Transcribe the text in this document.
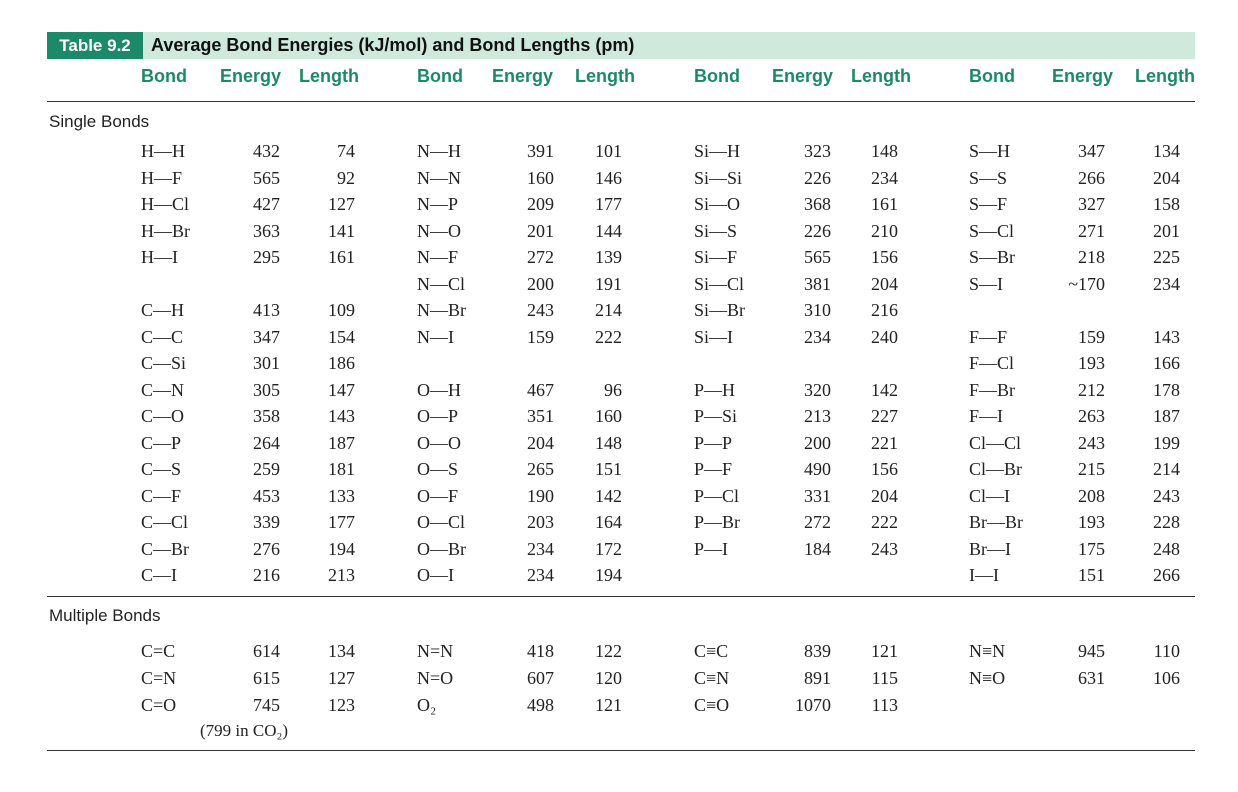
Table 9.2	Average Bond Energies (kJ/mol) and Bond Lengths (pm)
Bond Energy Length	Bond Energy Length	Bond Energy Length	Bond Energy Length
Single Bonds
H—H	432	74
H—F	565	92
H—Cl	427	127
H—Br	363	141
H—I	295	161
C—H	413	109
C—C	347	154
C—Si	301	186
C—N	305	147
C—O	358	143
C—P	264	187
C—S	259	181
C—F	453	133
C—Cl	339	177
C—Br	276	194
C—I	216	213
N—H	391	101
N—N	160	146
N—P	209	177
N—O	201	144
N—F	272	139
N—Cl	200	191
N—Br	243	214
N—I	159	222
O—H	467	96
O—P	351	160
O—O	204	148
O—S	265	151
O—F	190	142
O—Cl	203	164
O—Br	234	172
O—I	234	194
Si—H	323	148
Si—Si	226	234
Si—O	368	161
Si—S	226	210
Si—F	565	156
Si—Cl	381	204
Si—Br	310	216
Si—I	234	240
P—H	320	142
P—Si	213	227
P—P	200	221
P—F	490	156
P—Cl	331	204
P—Br	272	222
P—I	184	243
S—H	347	134
S—S	266	204
S—F	327	158
S—Cl	271	201
S—Br	218	225
S—I	~170	234
F—F	159	143
F—Cl	193	166
F—Br	212	178
F—I	263	187
Cl—Cl	243	199
Cl—Br	215	214
Cl—I	208	243
Br—Br	193	228
Br—I	175	248
I—I	151	266
Multiple Bonds
C=C	614	134
C=N	615	127
C=O	745	123
N=N	418	122
N=O	607	120
O₂	498	121
C≡C	839	121
C≡N	891	115
C≡O	1070	113
N≡N	945	110
N≡O	631	106
(799 in CO₂)
